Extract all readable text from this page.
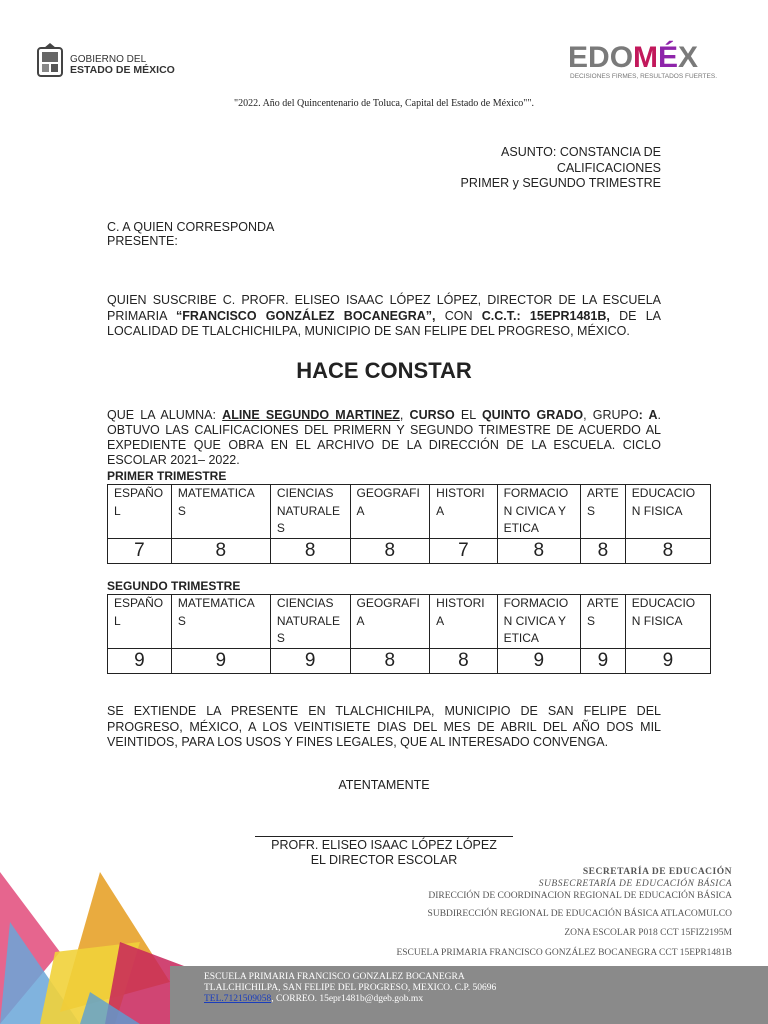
GOBIERNO DEL
ESTADO DE MÉXICO	EDOMÉX
DECISIONES FIRMES, RESULTADOS FUERTES.
"2022. Año del Quincentenario de Toluca, Capital del Estado de México"".
ASUNTO: CONSTANCIA DE
CALIFICACIONES
PRIMER y SEGUNDO TRIMESTRE
C. A QUIEN CORRESPONDA
PRESENTE:
QUIEN SUSCRIBE C. PROFR. ELISEO ISAAC LÓPEZ LÓPEZ, DIRECTOR DE LA ESCUELA PRIMARIA “FRANCISCO GONZÁLEZ BOCANEGRA”, CON C.C.T.: 15EPR1481B, DE LA LOCALIDAD DE TLALCHICHILPA, MUNICIPIO DE SAN FELIPE DEL PROGRESO, MÉXICO.
HACE CONSTAR
QUE LA ALUMNA: ALINE SEGUNDO MARTINEZ, CURSO EL QUINTO GRADO, GRUPO: A. OBTUVO LAS CALIFICACIONES DEL PRIMERN Y SEGUNDO TRIMESTRE DE ACUERDO AL EXPEDIENTE QUE OBRA EN EL ARCHIVO DE LA DIRECCIÓN DE LA ESCUELA. CICLO ESCOLAR 2021– 2022.
PRIMER TRIMESTRE
ESPAÑO L	MATEMATICA S	CIENCIAS NATURALE S	GEOGRAFI A	HISTORI A	FORMACIO N CIVICA Y ETICA	ARTE S	EDUCACIO N FISICA
7	8	8	8	7	8	8	8
SEGUNDO TRIMESTRE
ESPAÑO L	MATEMATICA S	CIENCIAS NATURALE S	GEOGRAFI A	HISTORI A	FORMACIO N CIVICA Y ETICA	ARTE S	EDUCACIO N FISICA
9	9	9	8	8	9	9	9
SE EXTIENDE LA PRESENTE EN TLALCHICHILPA, MUNICIPIO DE SAN FELIPE DEL PROGRESO, MÉXICO, A LOS VEINTISIETE DIAS DEL MES DE ABRIL DEL AÑO DOS MIL VEINTIDOS, PARA LOS USOS Y FINES LEGALES, QUE AL INTERESADO CONVENGA.
ATENTAMENTE
PROFR. ELISEO ISAAC LÓPEZ LÓPEZ
EL DIRECTOR ESCOLAR
SECRETARÍA DE EDUCACIÓN
SUBSECRETARÍA DE EDUCACIÓN BÁSICA
DIRECCIÓN DE COORDINACION REGIONAL DE EDUCACIÓN BÁSICA
SUBDIRECCIÓN REGIONAL DE EDUCACIÓN BÁSICA ATLACOMULCO
ZONA ESCOLAR P018 CCT 15FIZ2195M
ESCUELA PRIMARIA FRANCISCO GONZÁLEZ BOCANEGRA CCT 15EPR1481B
ESCUELA PRIMARIA FRANCISCO GONZALEZ BOCANEGRA
TLALCHICHILPA, SAN FELIPE DEL PROGRESO, MEXICO. C.P. 50696
TEL.7121509058, CORREO. 15epr1481b@dgeb.gob.mx
